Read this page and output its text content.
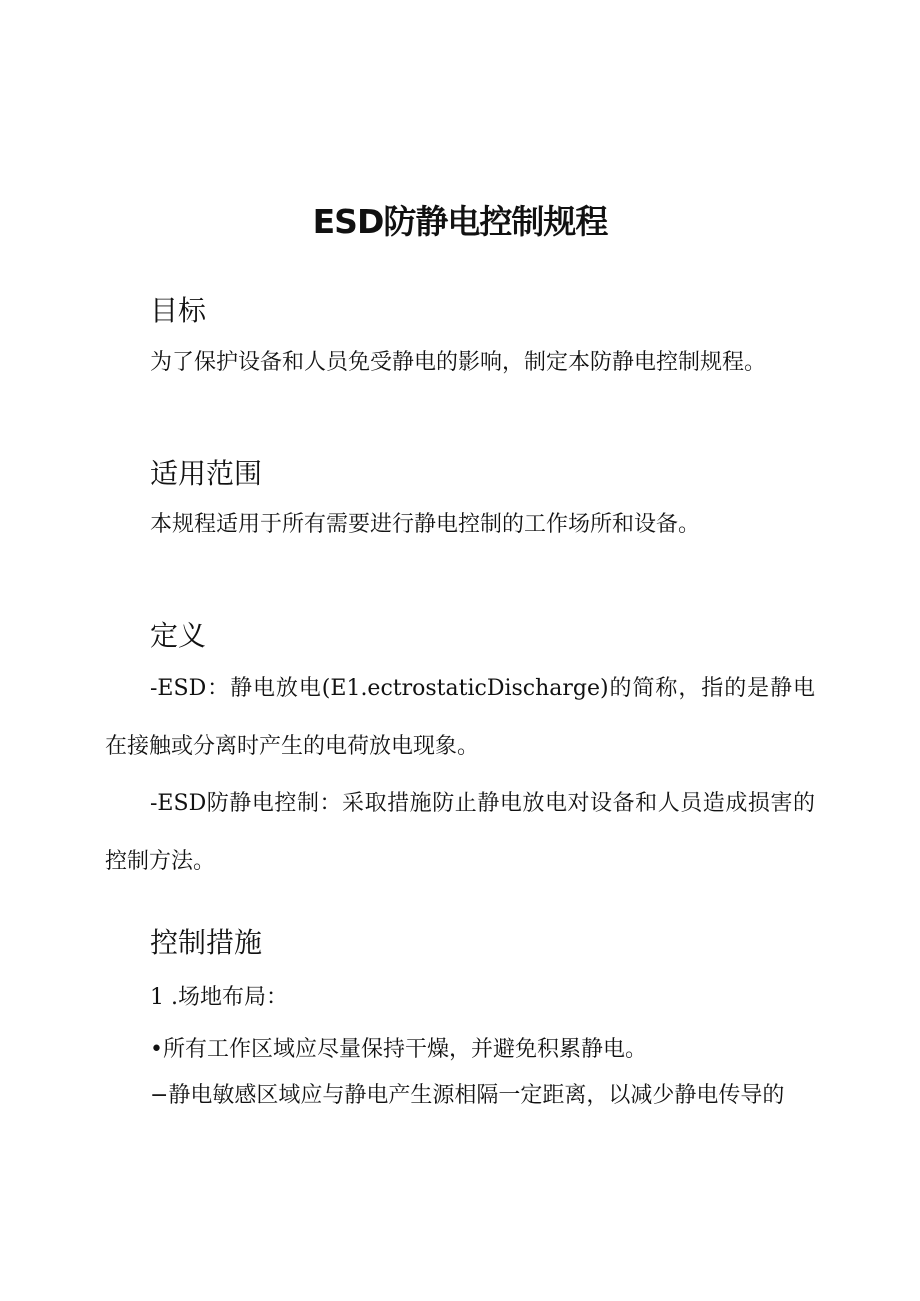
ESD防静电控制规程
目标

为了保护设备和人员免受静电的影响，制定本防静电控制规程。

适用范围

本规程适用于所有需要进行静电控制的工作场所和设备。

定义

-ESD：静电放电(E1.ectrostaticDischarge)的简称，指的是静电在接触或分离时产生的电荷放电现象。

-ESD防静电控制：采取措施防止静电放电对设备和人员造成损害的控制方法。

控制措施

1 .场地布局：

•所有工作区域应尽量保持干燥，并避免积累静电。

−静电敏感区域应与静电产生源相隔一定距离，以减少静电传导的
